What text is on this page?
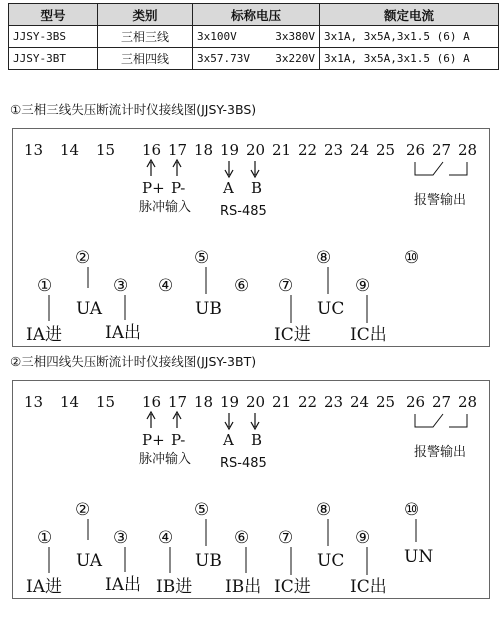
型号	类别	标称电压		额定电流
JJSY-3BS	三相三线	3x100V	3x380V	3x1A, 3x5A,3x1.5 (6) A
JJSY-3BT	三相四线	3x57.73V	3x220V	3x1A, 3x5A,3x1.5 (6) A
①三相三线失压断流计时仪接线图(JJSY-3BS)
13 14 15 16 17 18 19 20 21 22 23 24 25 26 27 28
P+ P-
脉冲输入
A B
RS-485
报警输出
①
②
③ ④
⑤
⑥ ⑦
⑧
⑨
⑩
IA进
UA
IA出
UB
IC进
UC
IC出
②三相四线失压断流计时仪接线图(JJSY-3BT)
13 14 15 16 17 18 19 20 21 22 23 24 25 26 27 28
P+ P-
脉冲输入
A B
RS-485
报警输出
①
②
③ ④
⑤
⑥ ⑦
⑧
⑨
⑩
IA进
UA
IA出 IB进
UB
IB出 IC进
UC
IC出
UN
